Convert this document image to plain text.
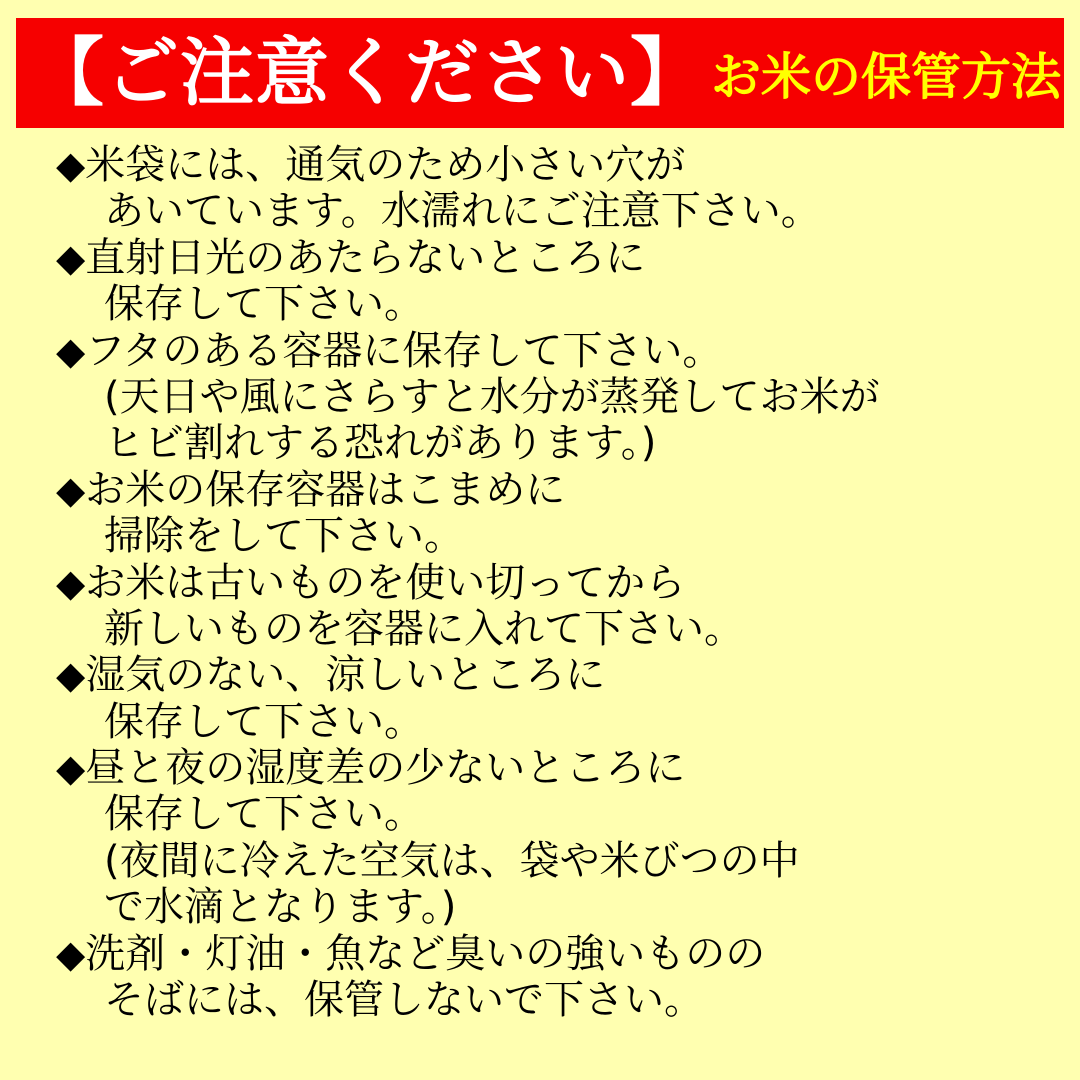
【ご注意ください】 お米の保管方法
◆米袋には、通気のため小さい穴が
あいています。水濡れにご注意下さい。
◆直射日光のあたらないところに
保存して下さい。
◆フタのある容器に保存して下さい。
(天日や風にさらすと水分が蒸発してお米が
ヒビ割れする恐れがあります。)
◆お米の保存容器はこまめに
掃除をして下さい。
◆お米は古いものを使い切ってから
新しいものを容器に入れて下さい。
◆湿気のない、涼しいところに
保存して下さい。
◆昼と夜の湿度差の少ないところに
保存して下さい。
(夜間に冷えた空気は、袋や米びつの中
で水滴となります。)
◆洗剤・灯油・魚など臭いの強いものの
そばには、保管しないで下さい。
